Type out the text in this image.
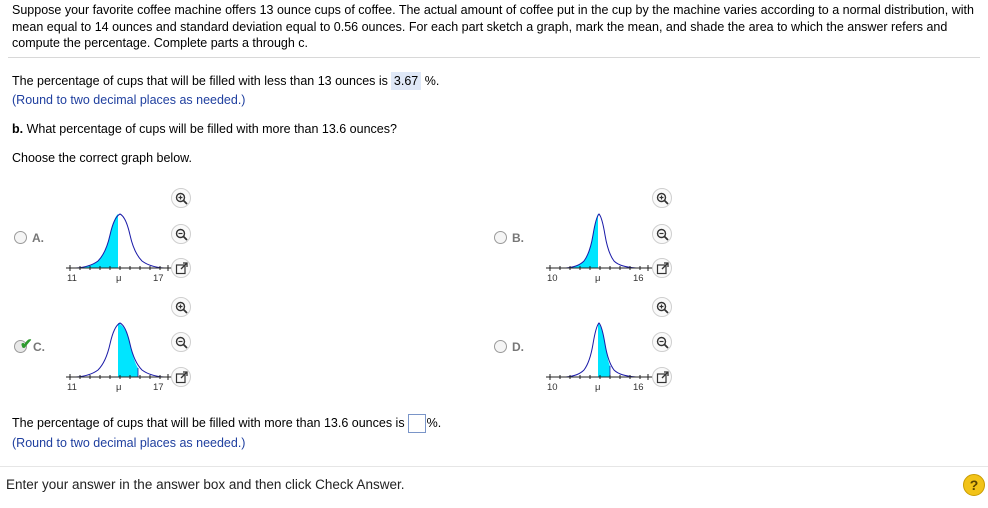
Suppose your favorite coffee machine offers 13 ounce cups of coffee. The actual amount of coffee put in the cup by the machine varies according to a normal distribution, with mean equal to 14 ounces and standard deviation equal to 0.56 ounces. For each part sketch a graph, mark the mean, and shade the area to which the answer refers and compute the percentage. Complete parts a through c.
The percentage of cups that will be filled with less than 13 ounces is 3.67 %.
(Round to two decimal places as needed.)
b. What percentage of cups will be filled with more than 13.6 ounces?
Choose the correct graph below.
A.
11	μ	17
B.
10	μ	16
✔ C.
11	μ	17
D.
10	μ	16
The percentage of cups that will be filled with more than 13.6 ounces is %.
(Round to two decimal places as needed.)
Enter your answer in the answer box and then click Check Answer.	?
